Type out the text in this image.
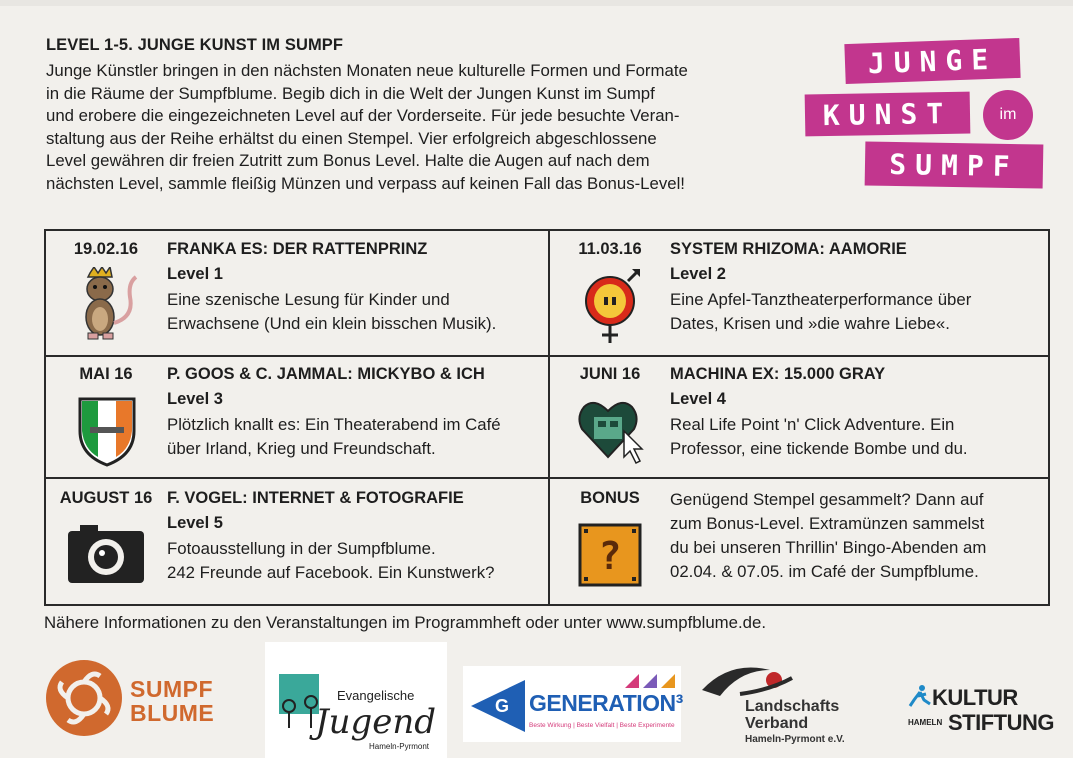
LEVEL 1-5. JUNGE KUNST IM SUMPF
Junge Künstler bringen in den nächsten Monaten neue kulturelle Formen und Formate
in die Räume der Sumpfblume. Begib dich in die Welt der Jungen Kunst im Sumpf
und erobere die eingezeichneten Level auf der Vorderseite. Für jede besuchte Veran-
staltung aus der Reihe erhältst du einen Stempel. Vier erfolgreich abgeschlossene
Level gewähren dir freien Zutritt zum Bonus Level. Halte die Augen auf nach dem
nächsten Level, sammle fleißig Münzen und verpass auf keinen Fall das Bonus-Level!
JUNGE
KUNST	im
SUMPF
19.02.16	FRANKA ES: DER RATTENPRINZ
Level 1
Eine szenische Lesung für Kinder und
Erwachsene (Und ein klein bisschen Musik).
11.03.16	SYSTEM RHIZOMA: AAMORIE
Level 2
Eine Apfel-Tanztheaterperformance über
Dates, Krisen und »die wahre Liebe«.
MAI 16	P. GOOS & C. JAMMAL: MICKYBO & ICH
Level 3
Plötzlich knallt es: Ein Theaterabend im Café
über Irland, Krieg und Freundschaft.
JUNI 16	MACHINA EX: 15.000 GRAY
Level 4
Real Life Point 'n' Click Adventure. Ein
Professor, eine tickende Bombe und du.
AUGUST 16 F. VOGEL: INTERNET & FOTOGRAFIE
Level 5
Fotoausstellung in der Sumpfblume.
242 Freunde auf Facebook. Ein Kunstwerk?
BONUS	Genügend Stempel gesammelt? Dann auf
zum Bonus-Level. Extramünzen sammelst
du bei unseren Thrillin' Bingo-Abenden am
02.04. & 07.05. im Café der Sumpfblume.
?
Nähere Informationen zu den Veranstaltungen im Programmheft oder unter www.sumpfblume.de.
SUMPF
BLUME
Evangelische
Jugend
Hameln-Pyrmont
G GENERATION³
Beste Wirkung | Beste Vielfalt | Beste Experimente
Landschafts
Verband
Hameln-Pyrmont e.V.
KULTUR
HAMELN STIFTUNG
